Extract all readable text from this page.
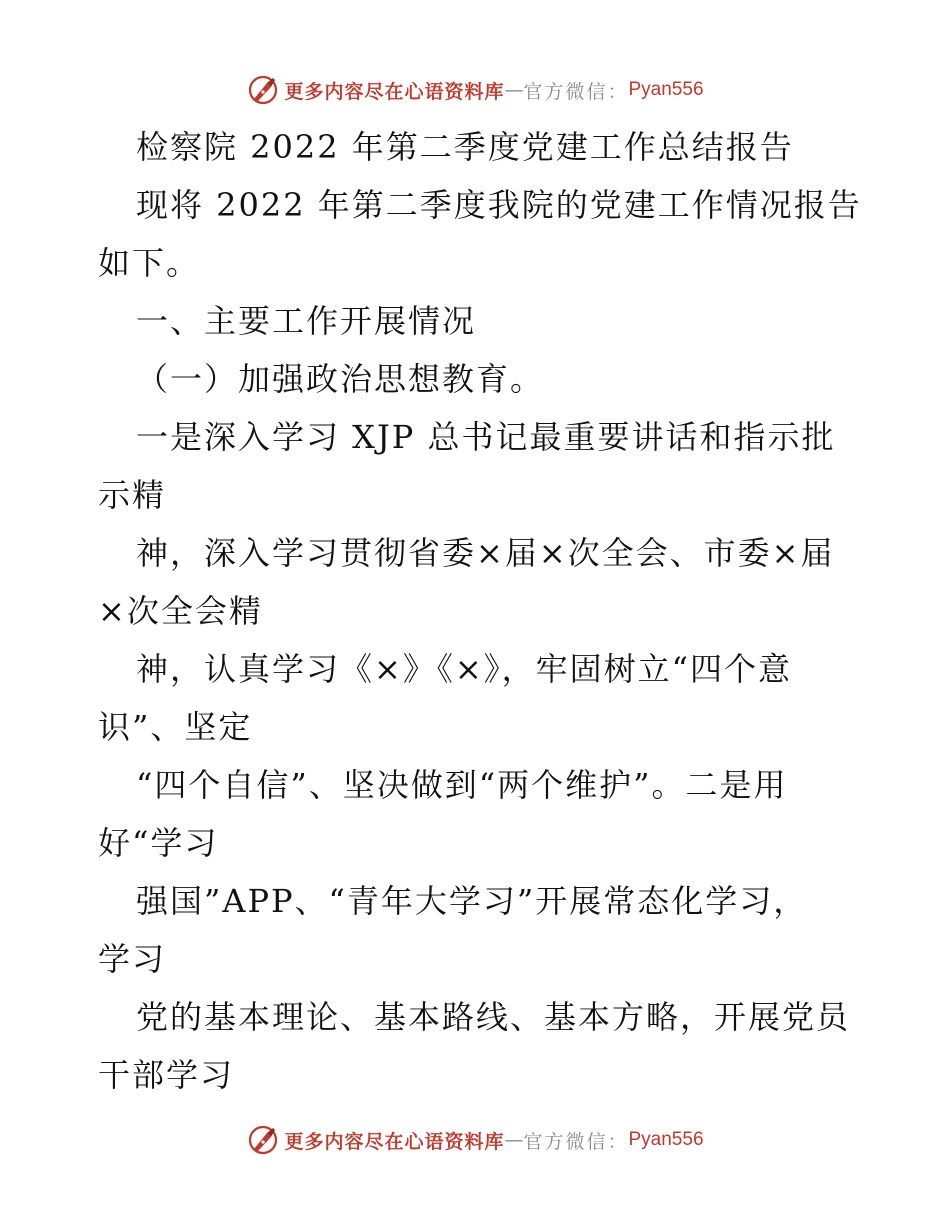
更多内容尽在心语资料库 — 官方微信： Pyan556
检察院 2022 年第二季度党建工作总结报告
现将 2022 年第二季度我院的党建工作情况报告
如下。
一、主要工作开展情况
（一）加强政治思想教育。
一是深入学习 XJP 总书记最重要讲话和指示批
示精
神，深入学习贯彻省委×届×次全会、市委×届
×次全会精
神，认真学习《×》《×》，牢固树立“四个意
识”、坚定
“四个自信”、坚决做到“两个维护”。二是用
好“学习
强国”APP、“青年大学习”开展常态化学习，
学习
党的基本理论、基本路线、基本方略，开展党员
干部学习
更多内容尽在心语资料库 — 官方微信： Pyan556
